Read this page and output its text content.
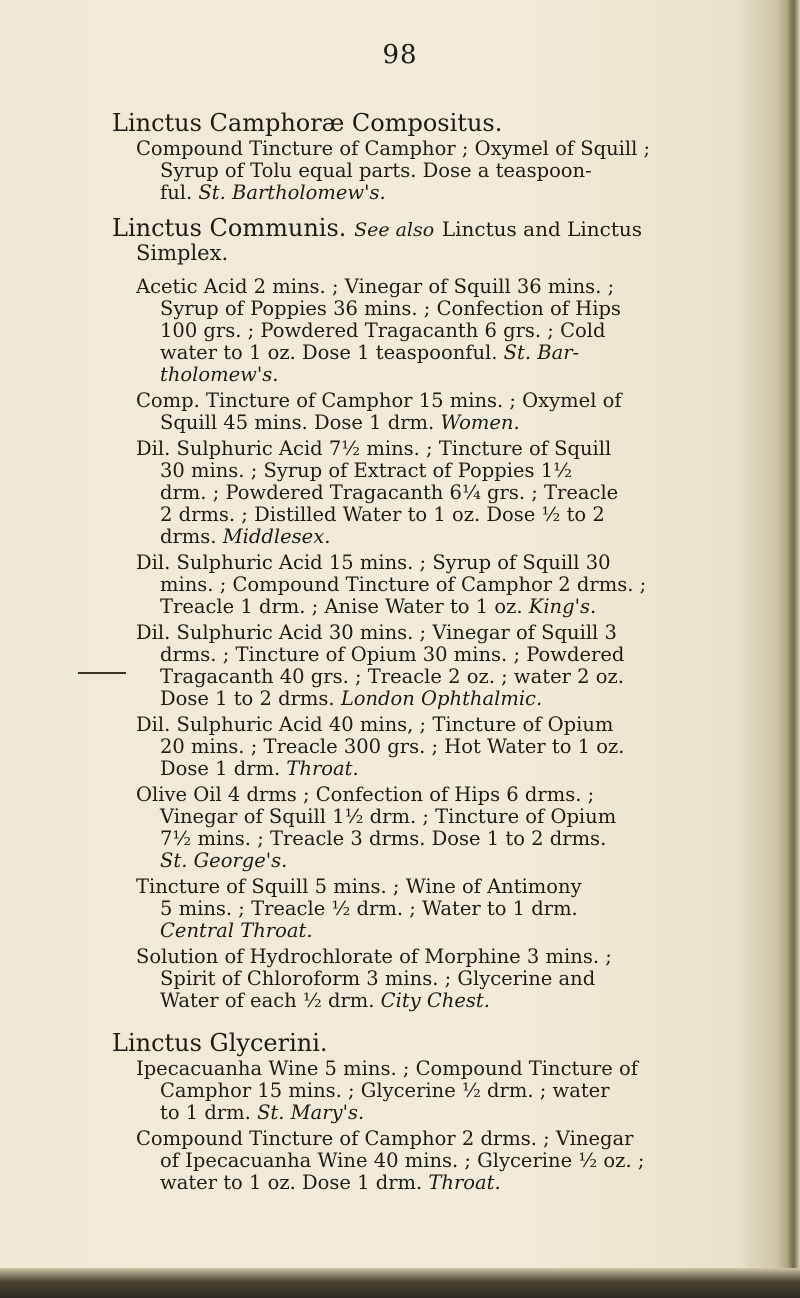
98
Linctus Camphoræ Compositus.
Compound Tincture of Camphor ; Oxymel of Squill ;
Syrup of Tolu equal parts. Dose a teaspoon-
ful. St. Bartholomew's.
Linctus Communis. See also Linctus and Linctus
Simplex.
Acetic Acid 2 mins. ; Vinegar of Squill 36 mins. ;
Syrup of Poppies 36 mins. ; Confection of Hips
100 grs. ; Powdered Tragacanth 6 grs. ; Cold
water to 1 oz. Dose 1 teaspoonful. St. Bar-
tholomew's.
Comp. Tincture of Camphor 15 mins. ; Oxymel of
Squill 45 mins. Dose 1 drm. Women.
Dil. Sulphuric Acid 7½ mins. ; Tincture of Squill
30 mins. ; Syrup of Extract of Poppies 1½
drm. ; Powdered Tragacanth 6¼ grs. ; Treacle
2 drms. ; Distilled Water to 1 oz. Dose ½ to 2
drms. Middlesex.
Dil. Sulphuric Acid 15 mins. ; Syrup of Squill 30
mins. ; Compound Tincture of Camphor 2 drms. ;
Treacle 1 drm. ; Anise Water to 1 oz. King's.
Dil. Sulphuric Acid 30 mins. ; Vinegar of Squill 3
drms. ; Tincture of Opium 30 mins. ; Powdered
Tragacanth 40 grs. ; Treacle 2 oz. ; water 2 oz.
Dose 1 to 2 drms. London Ophthalmic.
Dil. Sulphuric Acid 40 mins, ; Tincture of Opium
20 mins. ; Treacle 300 grs. ; Hot Water to 1 oz.
Dose 1 drm. Throat.
Olive Oil 4 drms ; Confection of Hips 6 drms. ;
Vinegar of Squill 1½ drm. ; Tincture of Opium
7½ mins. ; Treacle 3 drms. Dose 1 to 2 drms.
St. George's.
Tincture of Squill 5 mins. ; Wine of Antimony
5 mins. ; Treacle ½ drm. ; Water to 1 drm.
Central Throat.
Solution of Hydrochlorate of Morphine 3 mins. ;
Spirit of Chloroform 3 mins. ; Glycerine and
Water of each ½ drm. City Chest.
Linctus Glycerini.
Ipecacuanha Wine 5 mins. ; Compound Tincture of
Camphor 15 mins. ; Glycerine ½ drm. ; water
to 1 drm. St. Mary's.
Compound Tincture of Camphor 2 drms. ; Vinegar
of Ipecacuanha Wine 40 mins. ; Glycerine ½ oz. ;
water to 1 oz. Dose 1 drm. Throat.
